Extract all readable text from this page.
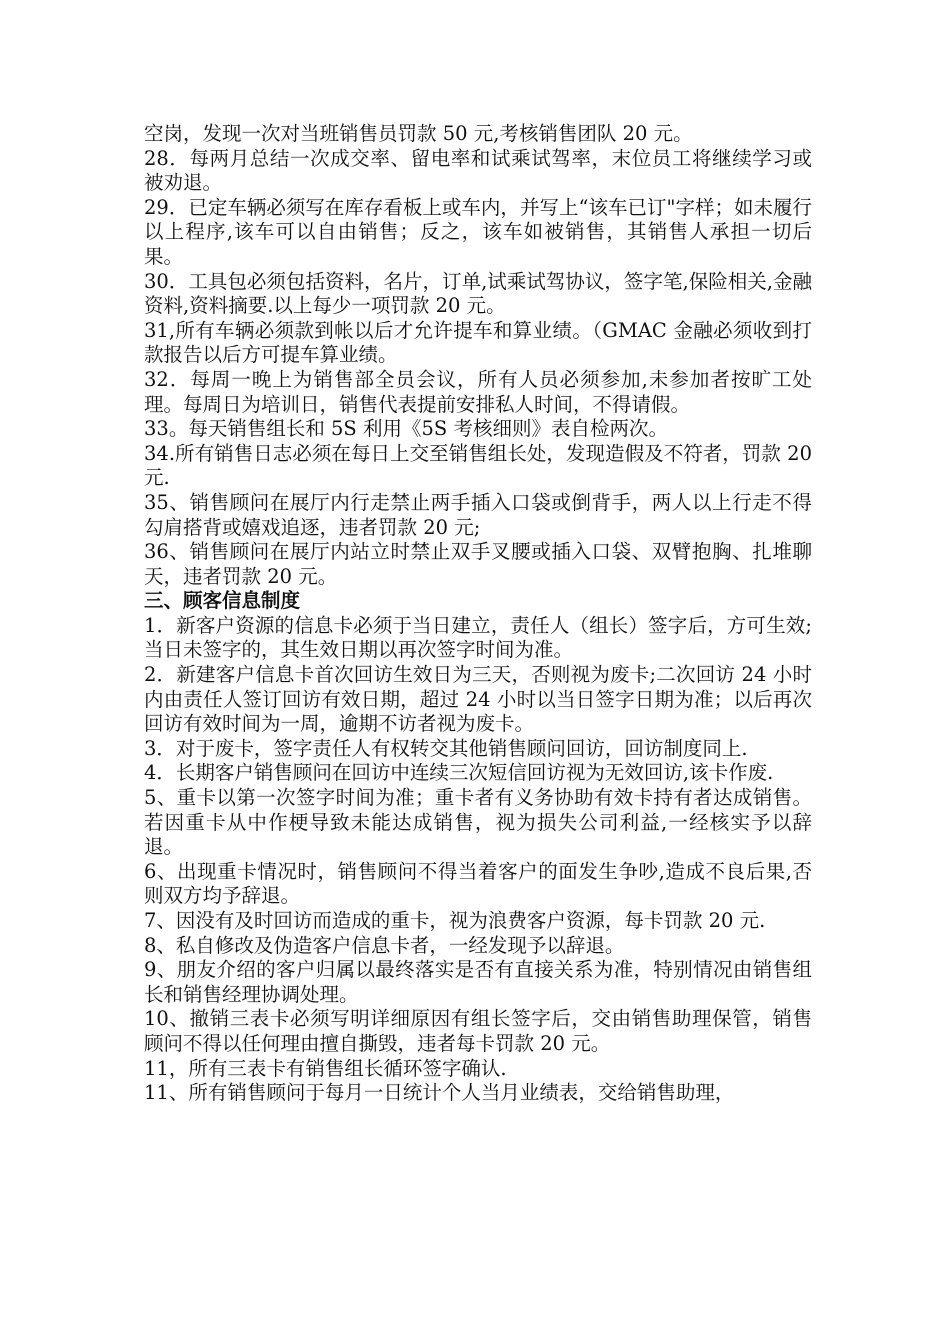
空岗，发现一次对当班销售员罚款 50 元,考核销售团队 20 元。

28．每两月总结一次成交率、留电率和试乘试驾率，末位员工将继续学习或被劝退。

29．已定车辆必须写在库存看板上或车内，并写上“该车已订"字样；如未履行以上程序,该车可以自由销售；反之，该车如被销售，其销售人承担一切后果。

30．工具包必须包括资料，名片，订单,试乘试驾协议，签字笔,保险相关,金融资料,资料摘要.以上每少一项罚款 20 元。

31,所有车辆必须款到帐以后才允许提车和算业绩。（GMAC 金融必须收到打款报告以后方可提车算业绩。

32．每周一晚上为销售部全员会议，所有人员必须参加,未参加者按旷工处理。每周日为培训日，销售代表提前安排私人时间，不得请假。

33。每天销售组长和 5S 利用《5S 考核细则》表自检两次。

34.所有销售日志必须在每日上交至销售组长处，发现造假及不符者，罚款 20 元.

35、销售顾问在展厅内行走禁止两手插入口袋或倒背手，两人以上行走不得勾肩搭背或嬉戏追逐，违者罚款 20 元;

36、销售顾问在展厅内站立时禁止双手叉腰或插入口袋、双臂抱胸、扎堆聊天，违者罚款 20 元。

三、顾客信息制度

1．新客户资源的信息卡必须于当日建立，责任人（组长）签字后，方可生效;当日未签字的，其生效日期以再次签字时间为准。

2．新建客户信息卡首次回访生效日为三天，否则视为废卡;二次回访 24 小时内由责任人签订回访有效日期，超过 24 小时以当日签字日期为准；以后再次回访有效时间为一周，逾期不访者视为废卡。

3．对于废卡，签字责任人有权转交其他销售顾问回访，回访制度同上.

4．长期客户销售顾问在回访中连续三次短信回访视为无效回访,该卡作废.

5、重卡以第一次签字时间为准；重卡者有义务协助有效卡持有者达成销售。若因重卡从中作梗导致未能达成销售，视为损失公司利益,一经核实予以辞退。

6、出现重卡情况时，销售顾问不得当着客户的面发生争吵,造成不良后果,否则双方均予辞退。

7、因没有及时回访而造成的重卡，视为浪费客户资源，每卡罚款 20 元.

8、私自修改及伪造客户信息卡者，一经发现予以辞退。

9、朋友介绍的客户归属以最终落实是否有直接关系为准，特别情况由销售组长和销售经理协调处理。

10、撤销三表卡必须写明详细原因有组长签字后，交由销售助理保管，销售顾问不得以任何理由擅自撕毁，违者每卡罚款 20 元。

11，所有三表卡有销售组长循环签字确认.

11、所有销售顾问于每月一日统计个人当月业绩表，交给销售助理，
